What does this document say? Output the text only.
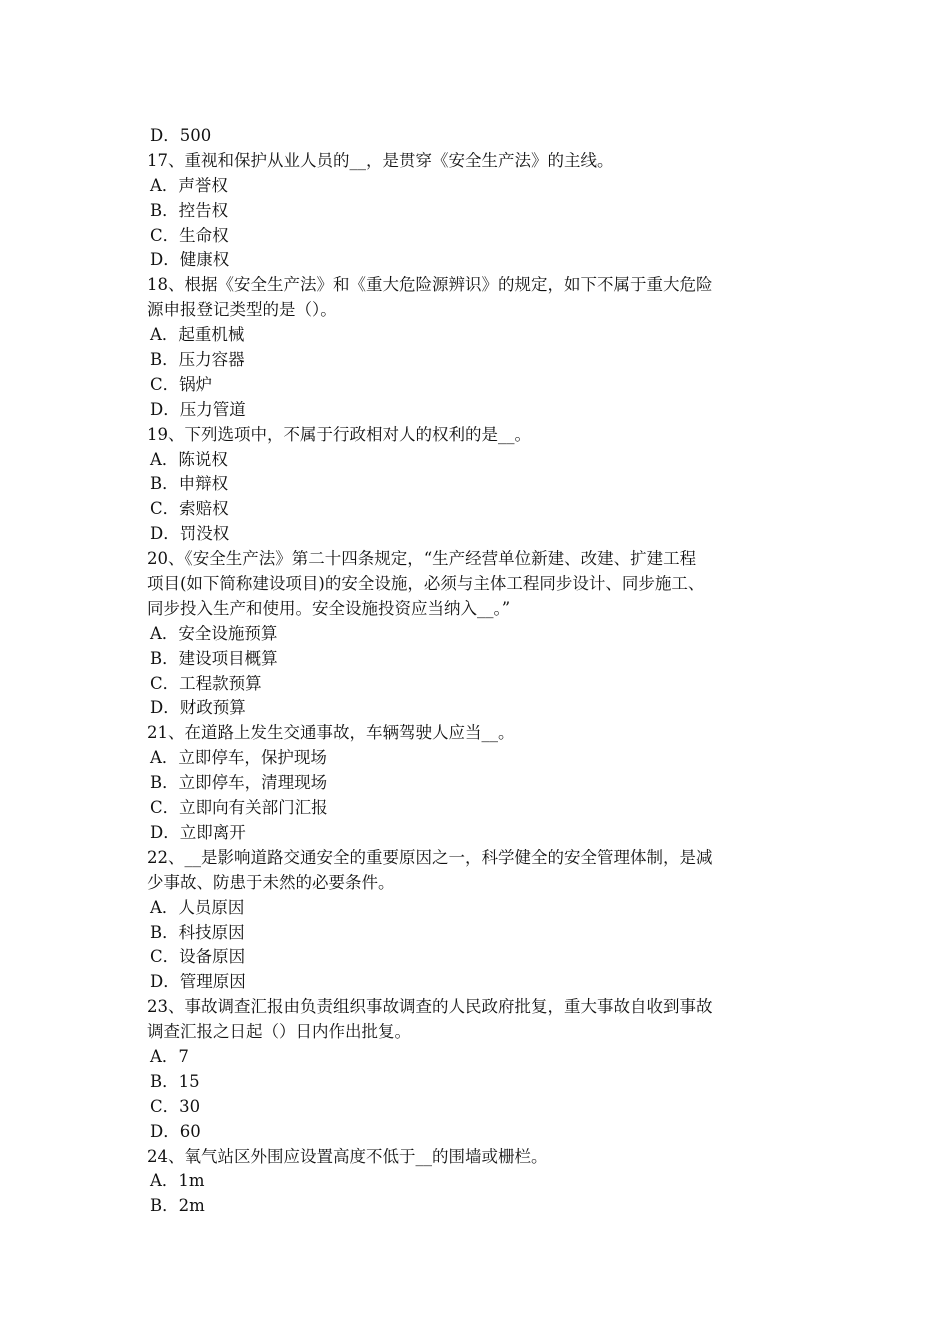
D．500
17、重视和保护从业人员的__，是贯穿《安全生产法》的主线。
A．声誉权
B．控告权
C．生命权
D．健康权
18、根据《安全生产法》和《重大危险源辨识》的规定，如下不属于重大危险
源申报登记类型的是（）。
A．起重机械
B．压力容器
C．锅炉
D．压力管道
19、下列选项中，不属于行政相对人的权利的是__。
A．陈说权
B．申辩权
C．索赔权
D．罚没权
20、《安全生产法》第二十四条规定，“生产经营单位新建、改建、扩建工程
项目(如下简称建设项目)的安全设施，必须与主体工程同步设计、同步施工、
同步投入生产和使用。安全设施投资应当纳入__。”
A．安全设施预算
B．建设项目概算
C．工程款预算
D．财政预算
21、在道路上发生交通事故，车辆驾驶人应当__。
A．立即停车，保护现场
B．立即停车，清理现场
C．立即向有关部门汇报
D．立即离开
22、__是影响道路交通安全的重要原因之一，科学健全的安全管理体制，是减
少事故、防患于未然的必要条件。
A．人员原因
B．科技原因
C．设备原因
D．管理原因
23、事故调查汇报由负责组织事故调查的人民政府批复，重大事故自收到事故
调查汇报之日起（）日内作出批复。
A．7
B．15
C．30
D．60
24、氧气站区外围应设置高度不低于__的围墙或栅栏。
A．1m
B．2m
